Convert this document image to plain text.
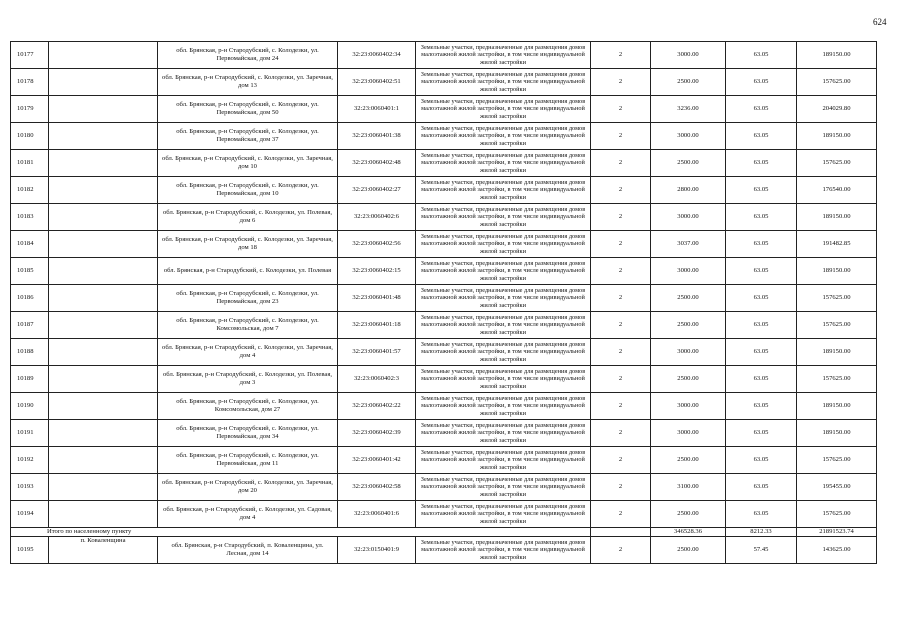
624
10177		обл. Брянская, р-н Стародубский, с. Колодезки, ул. Первомайская, дом 24	32:23:0060402:34	Земельные участки, предназначенные для размещения домов малоэтажной жилой застройки, в том числе индивидуальной жилой застройки	2	3000.00	63.05	189150.00
10178		обл. Брянская, р-н Стародубский, с. Колодезки, ул. Заречная, дом 13	32:23:0060402:51	Земельные участки, предназначенные для размещения домов малоэтажной жилой застройки, в том числе индивидуальной жилой застройки	2	2500.00	63.05	157625.00
10179		обл. Брянская, р-н Стародубский, с. Колодезки, ул. Первомайская, дом 50	32:23:0060401:1	Земельные участки, предназначенные для размещения домов малоэтажной жилой застройки, в том числе индивидуальной жилой застройки	2	3236.00	63.05	204029.80
10180		обл. Брянская, р-н Стародубский, с. Колодезки, ул. Первомайская, дом 37	32:23:0060401:38	Земельные участки, предназначенные для размещения домов малоэтажной жилой застройки, в том числе индивидуальной жилой застройки	2	3000.00	63.05	189150.00
10181		обл. Брянская, р-н Стародубский, с. Колодезки, ул. Заречная, дом 10	32:23:0060402:48	Земельные участки, предназначенные для размещения домов малоэтажной жилой застройки, в том числе индивидуальной жилой застройки	2	2500.00	63.05	157625.00
10182		обл. Брянская, р-н Стародубский, с. Колодезки, ул. Первомайская, дом 10	32:23:0060402:27	Земельные участки, предназначенные для размещения домов малоэтажной жилой застройки, в том числе индивидуальной жилой застройки	2	2800.00	63.05	176540.00
10183		обл. Брянская, р-н Стародубский, с. Колодезки, ул. Полевая, дом 6	32:23:0060402:6	Земельные участки, предназначенные для размещения домов малоэтажной жилой застройки, в том числе индивидуальной жилой застройки	2	3000.00	63.05	189150.00
10184		обл. Брянская, р-н Стародубский, с. Колодезки, ул. Заречная, дом 18	32:23:0060402:56	Земельные участки, предназначенные для размещения домов малоэтажной жилой застройки, в том числе индивидуальной жилой застройки	2	3037.00	63.05	191482.85
10185		обл. Брянская, р-н Стародубский, с. Колодезки, ул. Полевая	32:23:0060402:15	Земельные участки, предназначенные для размещения домов малоэтажной жилой застройки, в том числе индивидуальной жилой застройки	2	3000.00	63.05	189150.00
10186		обл. Брянская, р-н Стародубский, с. Колодезки, ул. Первомайская, дом 23	32:23:0060401:48	Земельные участки, предназначенные для размещения домов малоэтажной жилой застройки, в том числе индивидуальной жилой застройки	2	2500.00	63.05	157625.00
10187		обл. Брянская, р-н Стародубский, с. Колодезки, ул. Комсомольская, дом 7	32:23:0060401:18	Земельные участки, предназначенные для размещения домов малоэтажной жилой застройки, в том числе индивидуальной жилой застройки	2	2500.00	63.05	157625.00
10188		обл. Брянская, р-н Стародубский, с. Колодезки, ул. Заречная, дом 4	32:23:0060401:57	Земельные участки, предназначенные для размещения домов малоэтажной жилой застройки, в том числе индивидуальной жилой застройки	2	3000.00	63.05	189150.00
10189		обл. Брянская, р-н Стародубский, с. Колодезки, ул. Полевая, дом 3	32:23:0060402:3	Земельные участки, предназначенные для размещения домов малоэтажной жилой застройки, в том числе индивидуальной жилой застройки	2	2500.00	63.05	157625.00
10190		обл. Брянская, р-н Стародубский, с. Колодезки, ул. Комсомольская, дом 27	32:23:0060402:22	Земельные участки, предназначенные для размещения домов малоэтажной жилой застройки, в том числе индивидуальной жилой застройки	2	3000.00	63.05	189150.00
10191		обл. Брянская, р-н Стародубский, с. Колодезки, ул. Первомайская, дом 34	32:23:0060402:39	Земельные участки, предназначенные для размещения домов малоэтажной жилой застройки, в том числе индивидуальной жилой застройки	2	3000.00	63.05	189150.00
10192		обл. Брянская, р-н Стародубский, с. Колодезки, ул. Первомайская, дом 11	32:23:0060401:42	Земельные участки, предназначенные для размещения домов малоэтажной жилой застройки, в том числе индивидуальной жилой застройки	2	2500.00	63.05	157625.00
10193		обл. Брянская, р-н Стародубский, с. Колодезки, ул. Заречная, дом 20	32:23:0060402:58	Земельные участки, предназначенные для размещения домов малоэтажной жилой застройки, в том числе индивидуальной жилой застройки	2	3100.00	63.05	195455.00
10194		обл. Брянская, р-н Стародубский, с. Колодезки, ул. Садовая, дом 4	32:23:0060401:6	Земельные участки, предназначенные для размещения домов малоэтажной жилой застройки, в том числе индивидуальной жилой застройки	2	2500.00	63.05	157625.00
Итого по населенному пункту						346528.36	8212.33	21891523.74
10195	п. Коваленщина	обл. Брянская, р-н Стародубский, п. Коваленщина, ул. Лесная, дом 14	32:23:0150401:9	Земельные участки, предназначенные для размещения домов малоэтажной жилой застройки, в том числе индивидуальной жилой застройки	2	2500.00	57.45	143625.00
